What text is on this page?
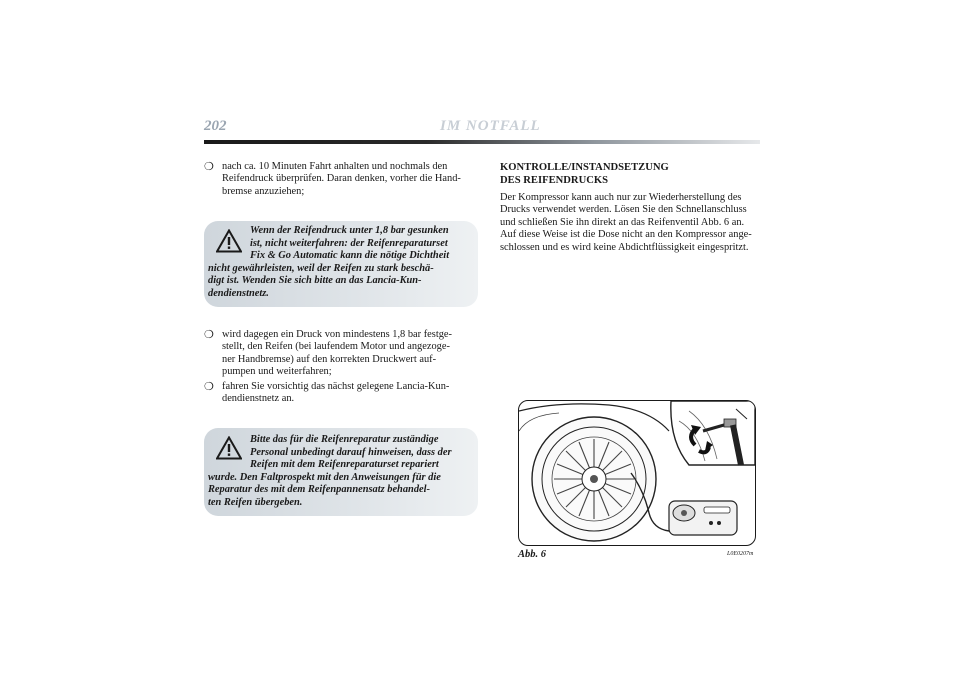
202	IM NOTFALL
❍ nach ca. 10 Minuten Fahrt anhalten und nochmals den
Reifendruck überprüfen. Daran denken, vorher die Hand-
bremse anzuziehen;
Wenn der Reifendruck unter 1,8 bar gesunken
ist, nicht weiterfahren: der Reifenreparaturset
Fix & Go Automatic kann die nötige Dichtheit
nicht gewährleisten, weil der Reifen zu stark beschä-
digt ist. Wenden Sie sich bitte an das Lancia-Kun-
dendienstnetz.
❍ wird dagegen ein Druck von mindestens 1,8 bar festge-
stellt, den Reifen (bei laufendem Motor und angezoge-
ner Handbremse) auf den korrekten Druckwert auf-
pumpen und weiterfahren;
❍ fahren Sie vorsichtig das nächst gelegene Lancia-Kun-
dendienstnetz an.
Bitte das für die Reifenreparatur zuständige
Personal unbedingt darauf hinweisen, dass der
Reifen mit dem Reifenreparaturset repariert
wurde. Den Faltprospekt mit den Anweisungen für die
Reparatur des mit dem Reifenpannensatz behandel-
ten Reifen übergeben.
KONTROLLE/INSTANDSETZUNG
DES REIFENDRUCKS
Der Kompressor kann auch nur zur Wiederherstellung des
Drucks verwendet werden. Lösen Sie den Schnellanschluss
und schließen Sie ihn direkt an das Reifenventil Abb. 6 an.
Auf diese Weise ist die Dose nicht an den Kompressor ange-
schlossen und es wird keine Abdichtflüssigkeit eingespritzt.
Abb. 6	L0E0207m
